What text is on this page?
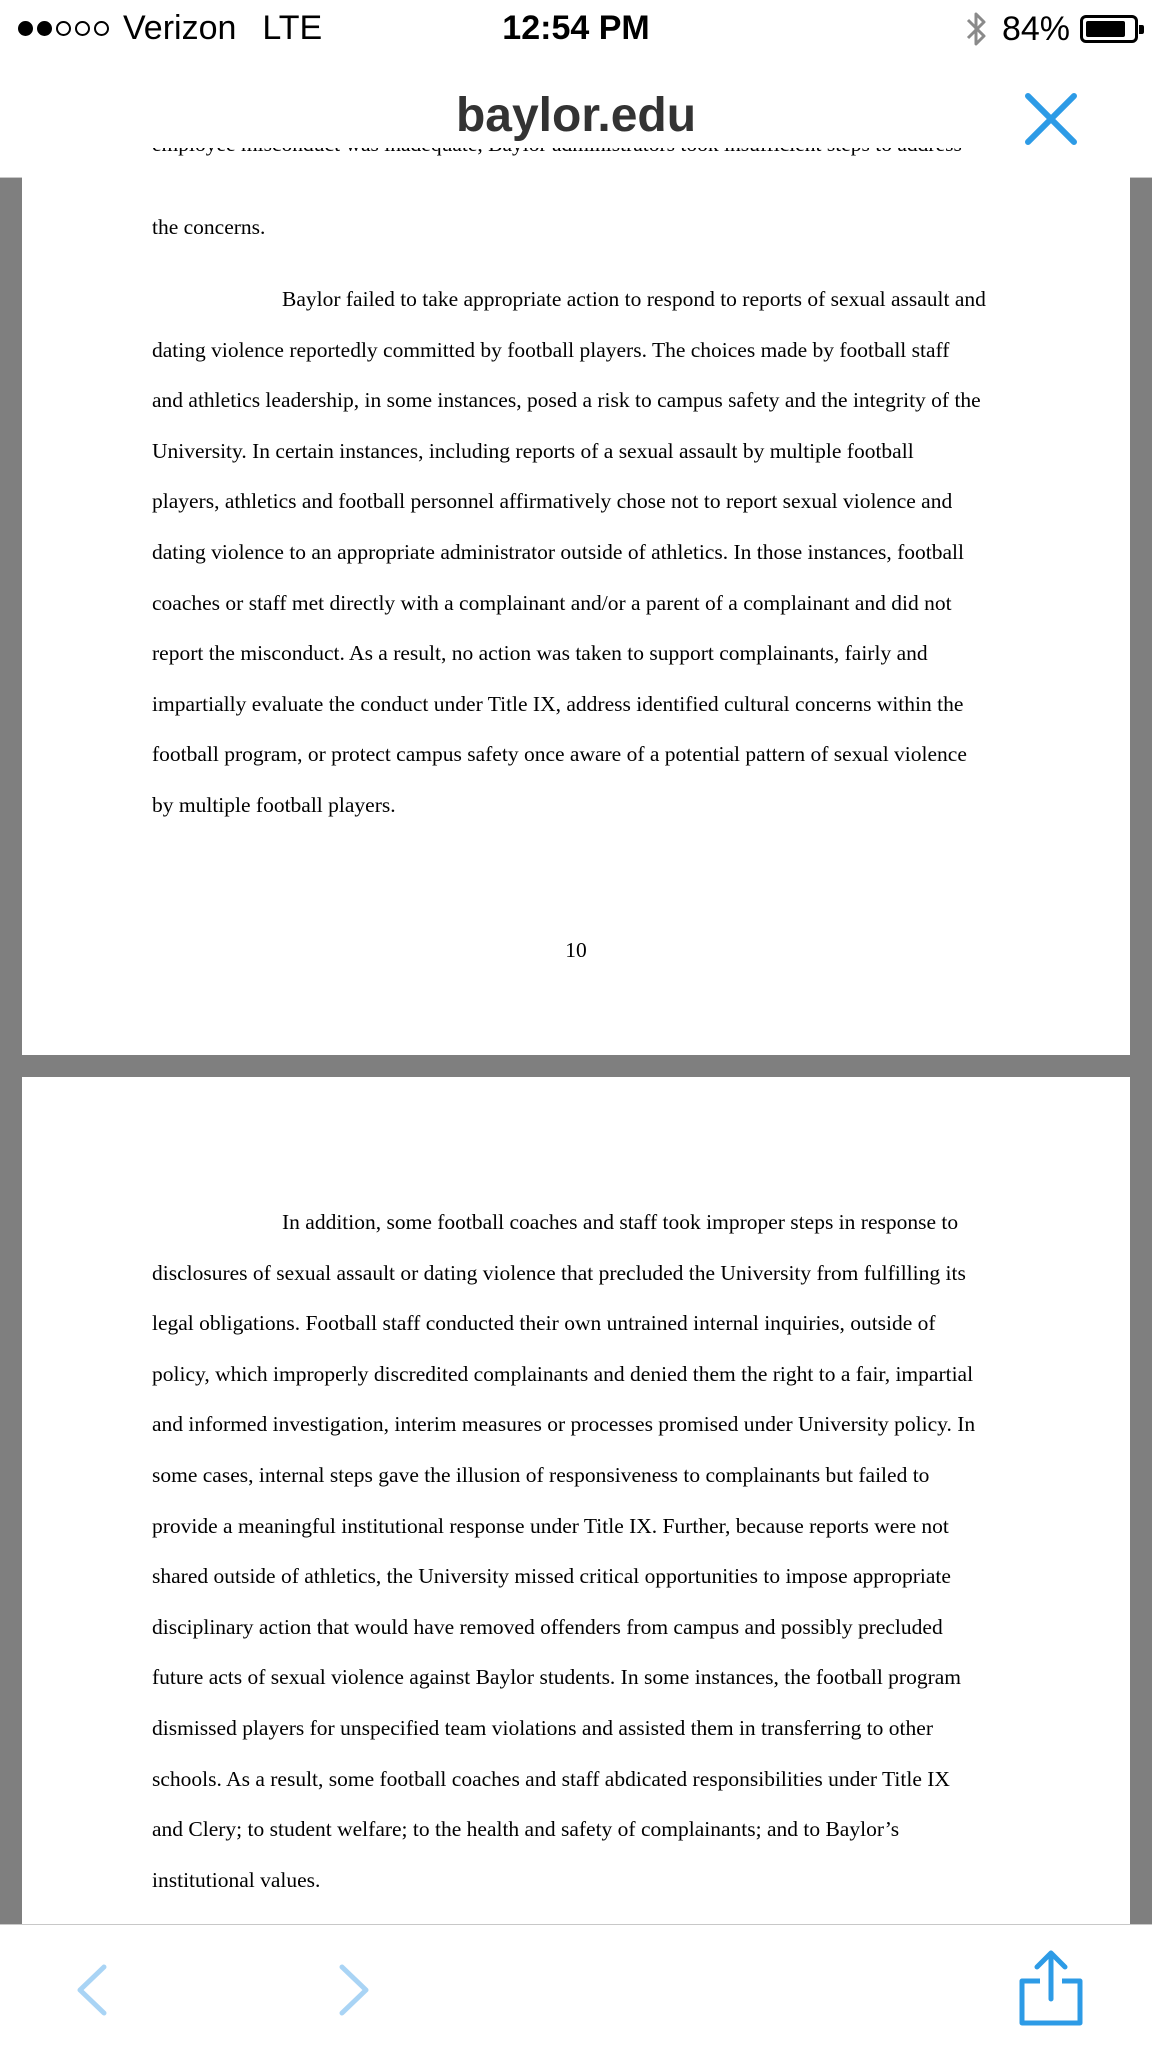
Verizon LTE	12:54 PM	84%
baylor.edu
the concerns.
Baylor failed to take appropriate action to respond to reports of sexual assault and
dating violence reportedly committed by football players. The choices made by football staff
and athletics leadership, in some instances, posed a risk to campus safety and the integrity of the
University. In certain instances, including reports of a sexual assault by multiple football
players, athletics and football personnel affirmatively chose not to report sexual violence and
dating violence to an appropriate administrator outside of athletics. In those instances, football
coaches or staff met directly with a complainant and/or a parent of a complainant and did not
report the misconduct. As a result, no action was taken to support complainants, fairly and
impartially evaluate the conduct under Title IX, address identified cultural concerns within the
football program, or protect campus safety once aware of a potential pattern of sexual violence
by multiple football players.
10
In addition, some football coaches and staff took improper steps in response to
disclosures of sexual assault or dating violence that precluded the University from fulfilling its
legal obligations. Football staff conducted their own untrained internal inquiries, outside of
policy, which improperly discredited complainants and denied them the right to a fair, impartial
and informed investigation, interim measures or processes promised under University policy. In
some cases, internal steps gave the illusion of responsiveness to complainants but failed to
provide a meaningful institutional response under Title IX. Further, because reports were not
shared outside of athletics, the University missed critical opportunities to impose appropriate
disciplinary action that would have removed offenders from campus and possibly precluded
future acts of sexual violence against Baylor students. In some instances, the football program
dismissed players for unspecified team violations and assisted them in transferring to other
schools. As a result, some football coaches and staff abdicated responsibilities under Title IX
and Clery; to student welfare; to the health and safety of complainants; and to Baylor’s
institutional values.
